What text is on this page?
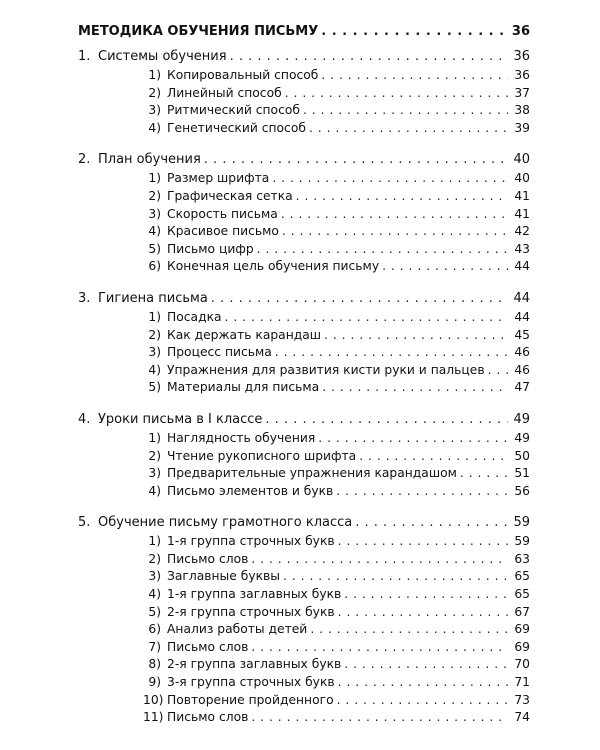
МЕТОДИКА ОБУЧЕНИЯ ПИСЬМУ . . .	36
1. Системы обучения . . .	36
1) Копировальный способ . . .	36
2) Линейный способ . . .	37
3) Ритмический способ . . .	38
4) Генетический способ . . .	39
2. План обучения . . .	40
1) Размер шрифта . . .	40
2) Графическая сетка . . .	41
3) Скорость письма . . .	41
4) Красивое письмо . . .	42
5) Письмо цифр . . .	43
6) Конечная цель обучения письму . . .	44
3. Гигиена письма . . .	44
1) Посадка . . .	44
2) Как держать карандаш . . .	45
3) Процесс письма . . .	46
4) Упражнения для развития кисти руки и пальцев . . . 46
5) Материалы для письма . . .	47
4. Уроки письма в I классе . . .	49
1) Наглядность обучения . . .	49
2) Чтение рукописного шрифта . . .	50
3) Предварительные упражнения карандашом . . .	51
4) Письмо элементов и букв . . .	56
5. Обучение письму грамотного класса . . .	59
1) 1-я группа строчных букв . . .	59
2) Письмо слов . . .	63
3) Заглавные буквы . . .	65
4) 1-я группа заглавных букв . . .	65
5) 2-я группа строчных букв . . .	67
6) Анализ работы детей . . .	69
7) Письмо слов . . .	69
8) 2-я группа заглавных букв . . .	70
9) 3-я группа строчных букв . . .	71
10) Повторение пройденного . . .	73
11) Письмо слов . . .	74
